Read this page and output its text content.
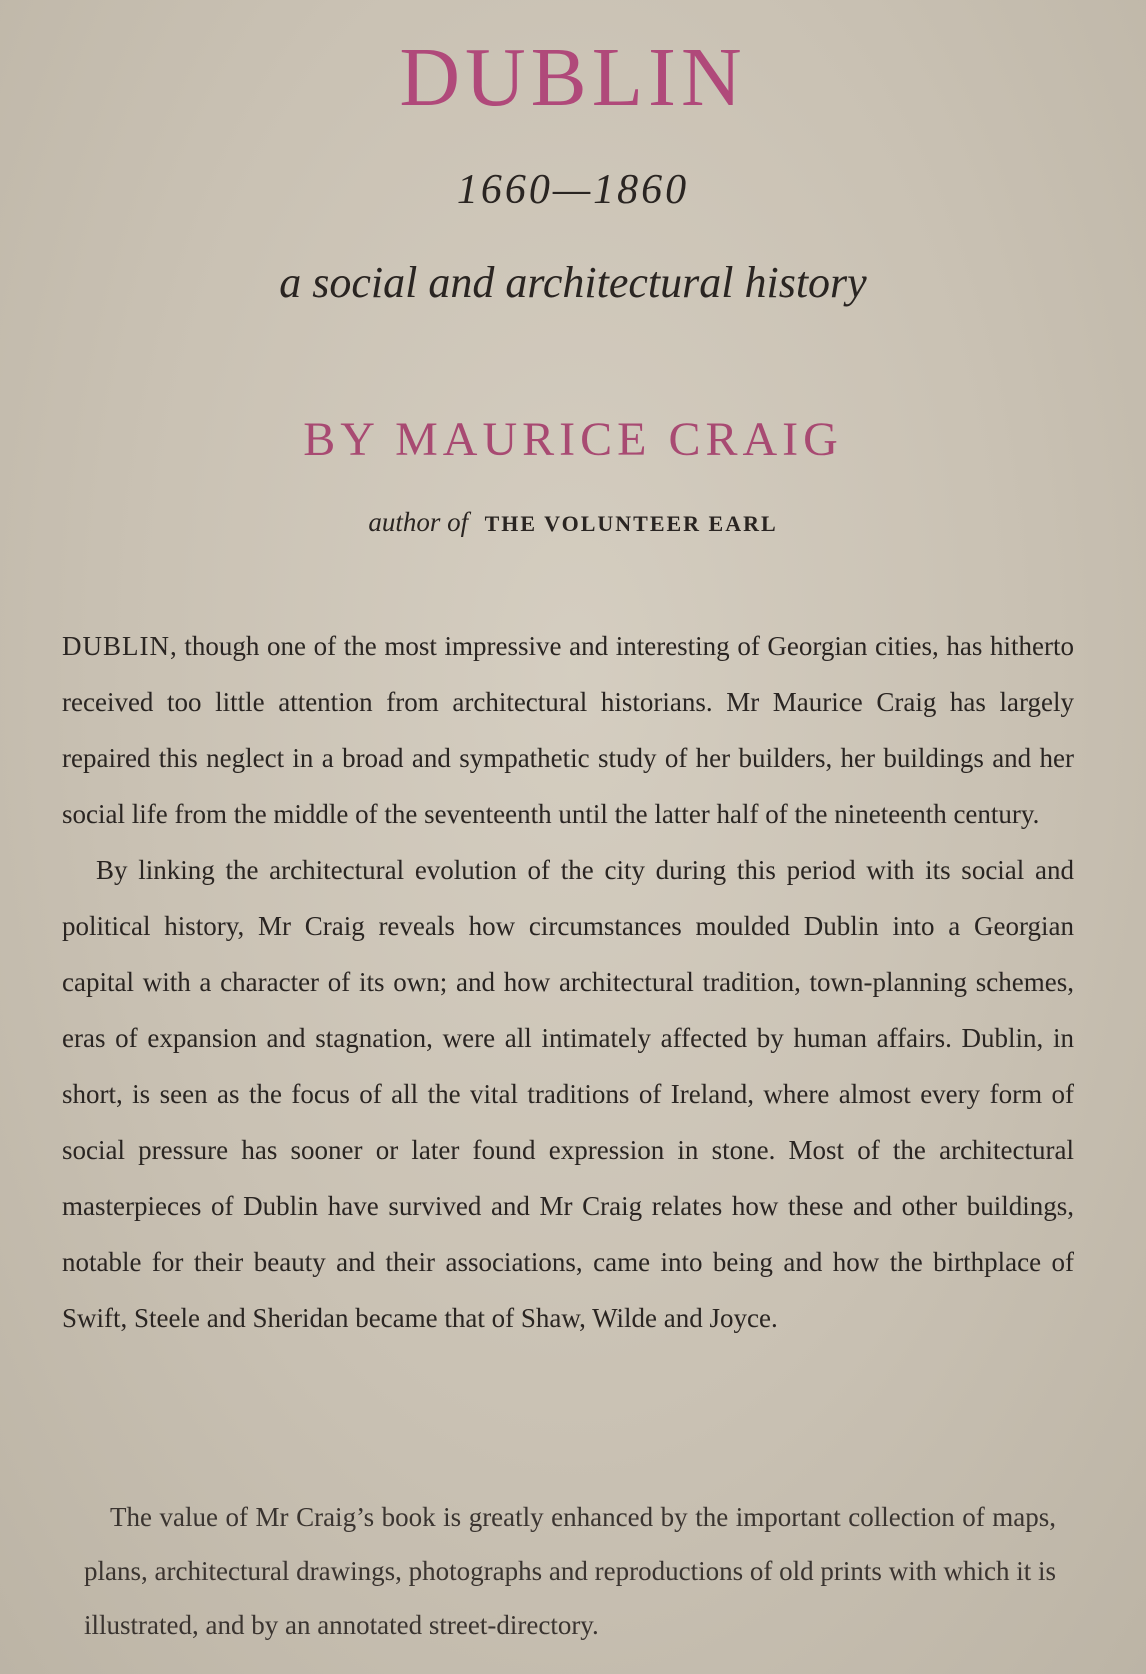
DUBLIN
1660—1860
a social and architectural history
BY MAURICE CRAIG
author of THE VOLUNTEER EARL

DUBLIN, though one of the most impressive and interesting of Georgian cities, has hitherto received too little attention from architectural historians. Mr Maurice Craig has largely repaired this neglect in a broad and sympathetic study of her builders, her buildings and her social life from the middle of the seventeenth until the latter half of the nineteenth century.

By linking the architectural evolution of the city during this period with its social and political history, Mr Craig reveals how circumstances moulded Dublin into a Georgian capital with a character of its own; and how architectural tradition, town-planning schemes, eras of expansion and stagnation, were all intimately affected by human affairs. Dublin, in short, is seen as the focus of all the vital traditions of Ireland, where almost every form of social pressure has sooner or later found expression in stone. Most of the architectural masterpieces of Dublin have survived and Mr Craig relates how these and other buildings, notable for their beauty and their associations, came into being and how the birthplace of Swift, Steele and Sheridan became that of Shaw, Wilde and Joyce.

The value of Mr Craig’s book is greatly enhanced by the important collection of maps, plans, architectural drawings, photographs and reproductions of old prints with which it is illustrated, and by an annotated street-directory.
